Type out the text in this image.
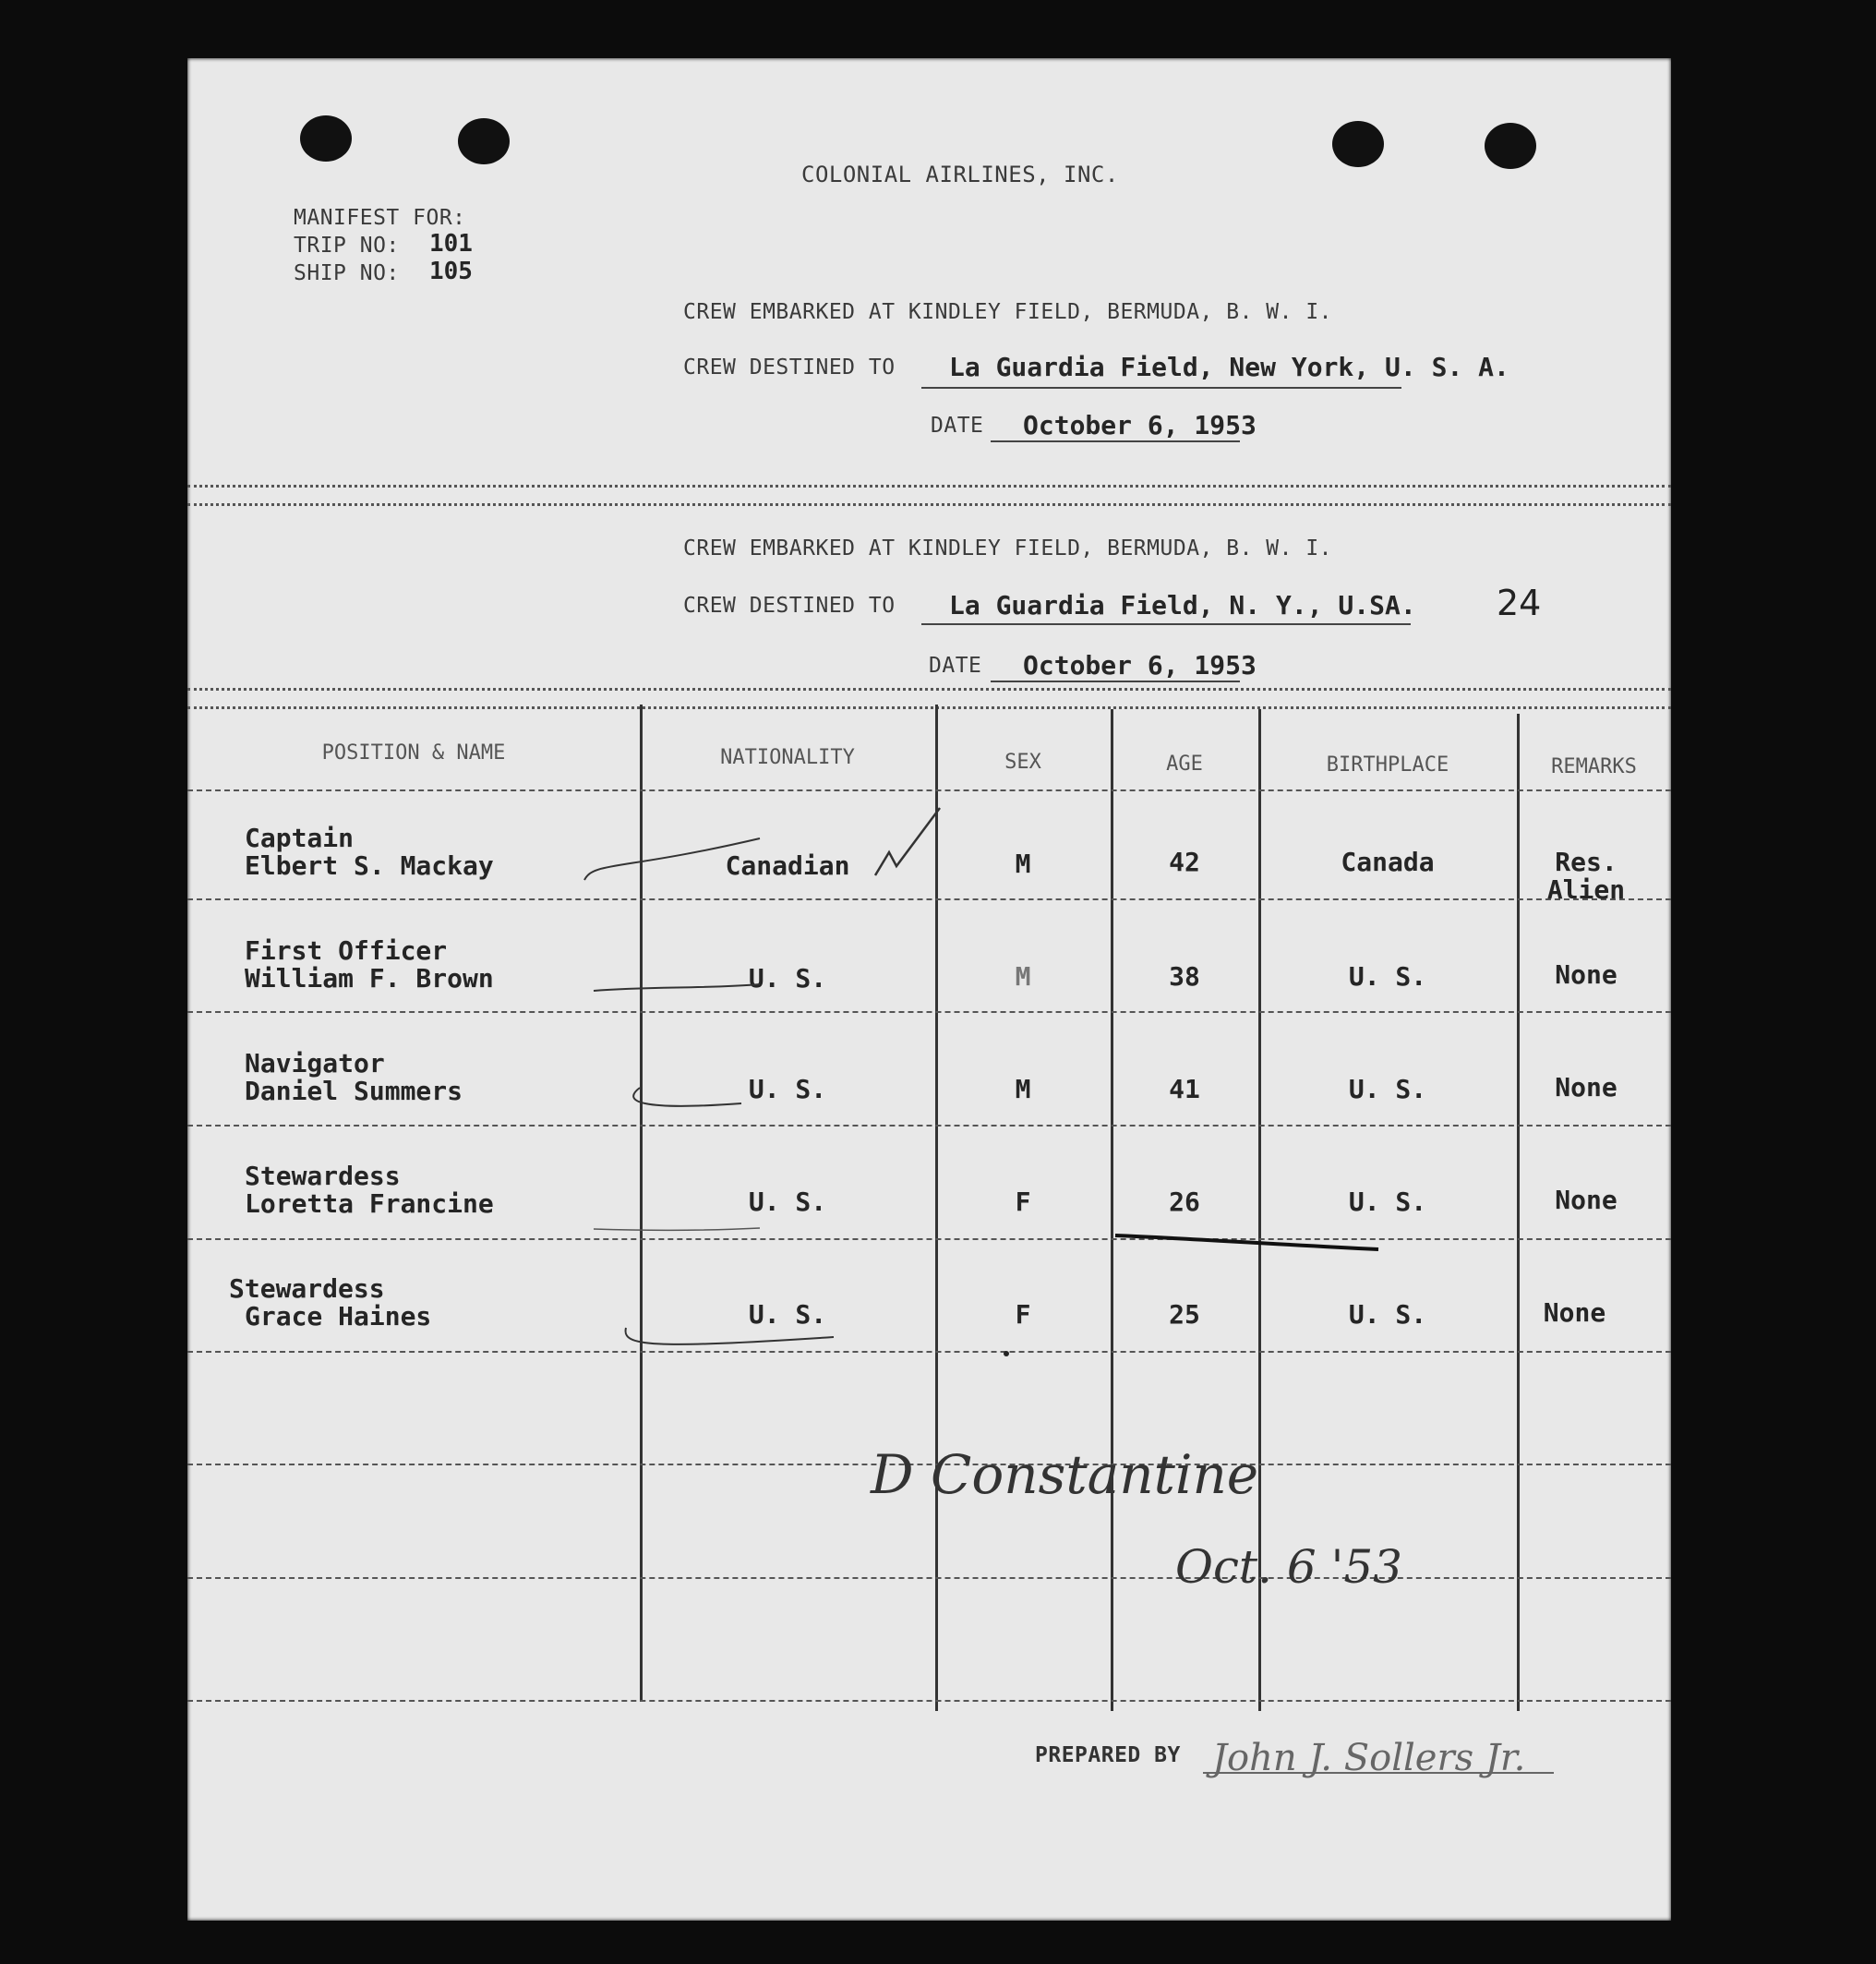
COLONIAL AIRLINES, INC.
MANIFEST FOR:
TRIP NO: 101
SHIP NO: 105
CREW EMBARKED AT KINDLEY FIELD, BERMUDA, B. W. I.
CREW DESTINED TO La Guardia Field, New York, U. S. A.
DATE October 6, 1953
CREW EMBARKED AT KINDLEY FIELD, BERMUDA, B. W. I.
CREW DESTINED TO La Guardia Field, N. Y., U.SA. 24
DATE October 6, 1953
POSITION & NAME	NATIONALITY	SEX	AGE	BIRTHPLACE	REMARKS
Captain
Elbert S. Mackay	Canadian	M	42	Canada	Res.
Alien
First Officer
William F. Brown	U. S.	M	38	U. S.	None
Navigator
Daniel Summers	U. S.	M	41	U. S.	None
Stewardess
Loretta Francine	U. S.	F	26	U. S.	None
Stewardess
Grace Haines	U. S.	F	25	U. S.	None
D Constantine
Oct. 6 '53
PREPARED BY John J. Sollers Jr.
